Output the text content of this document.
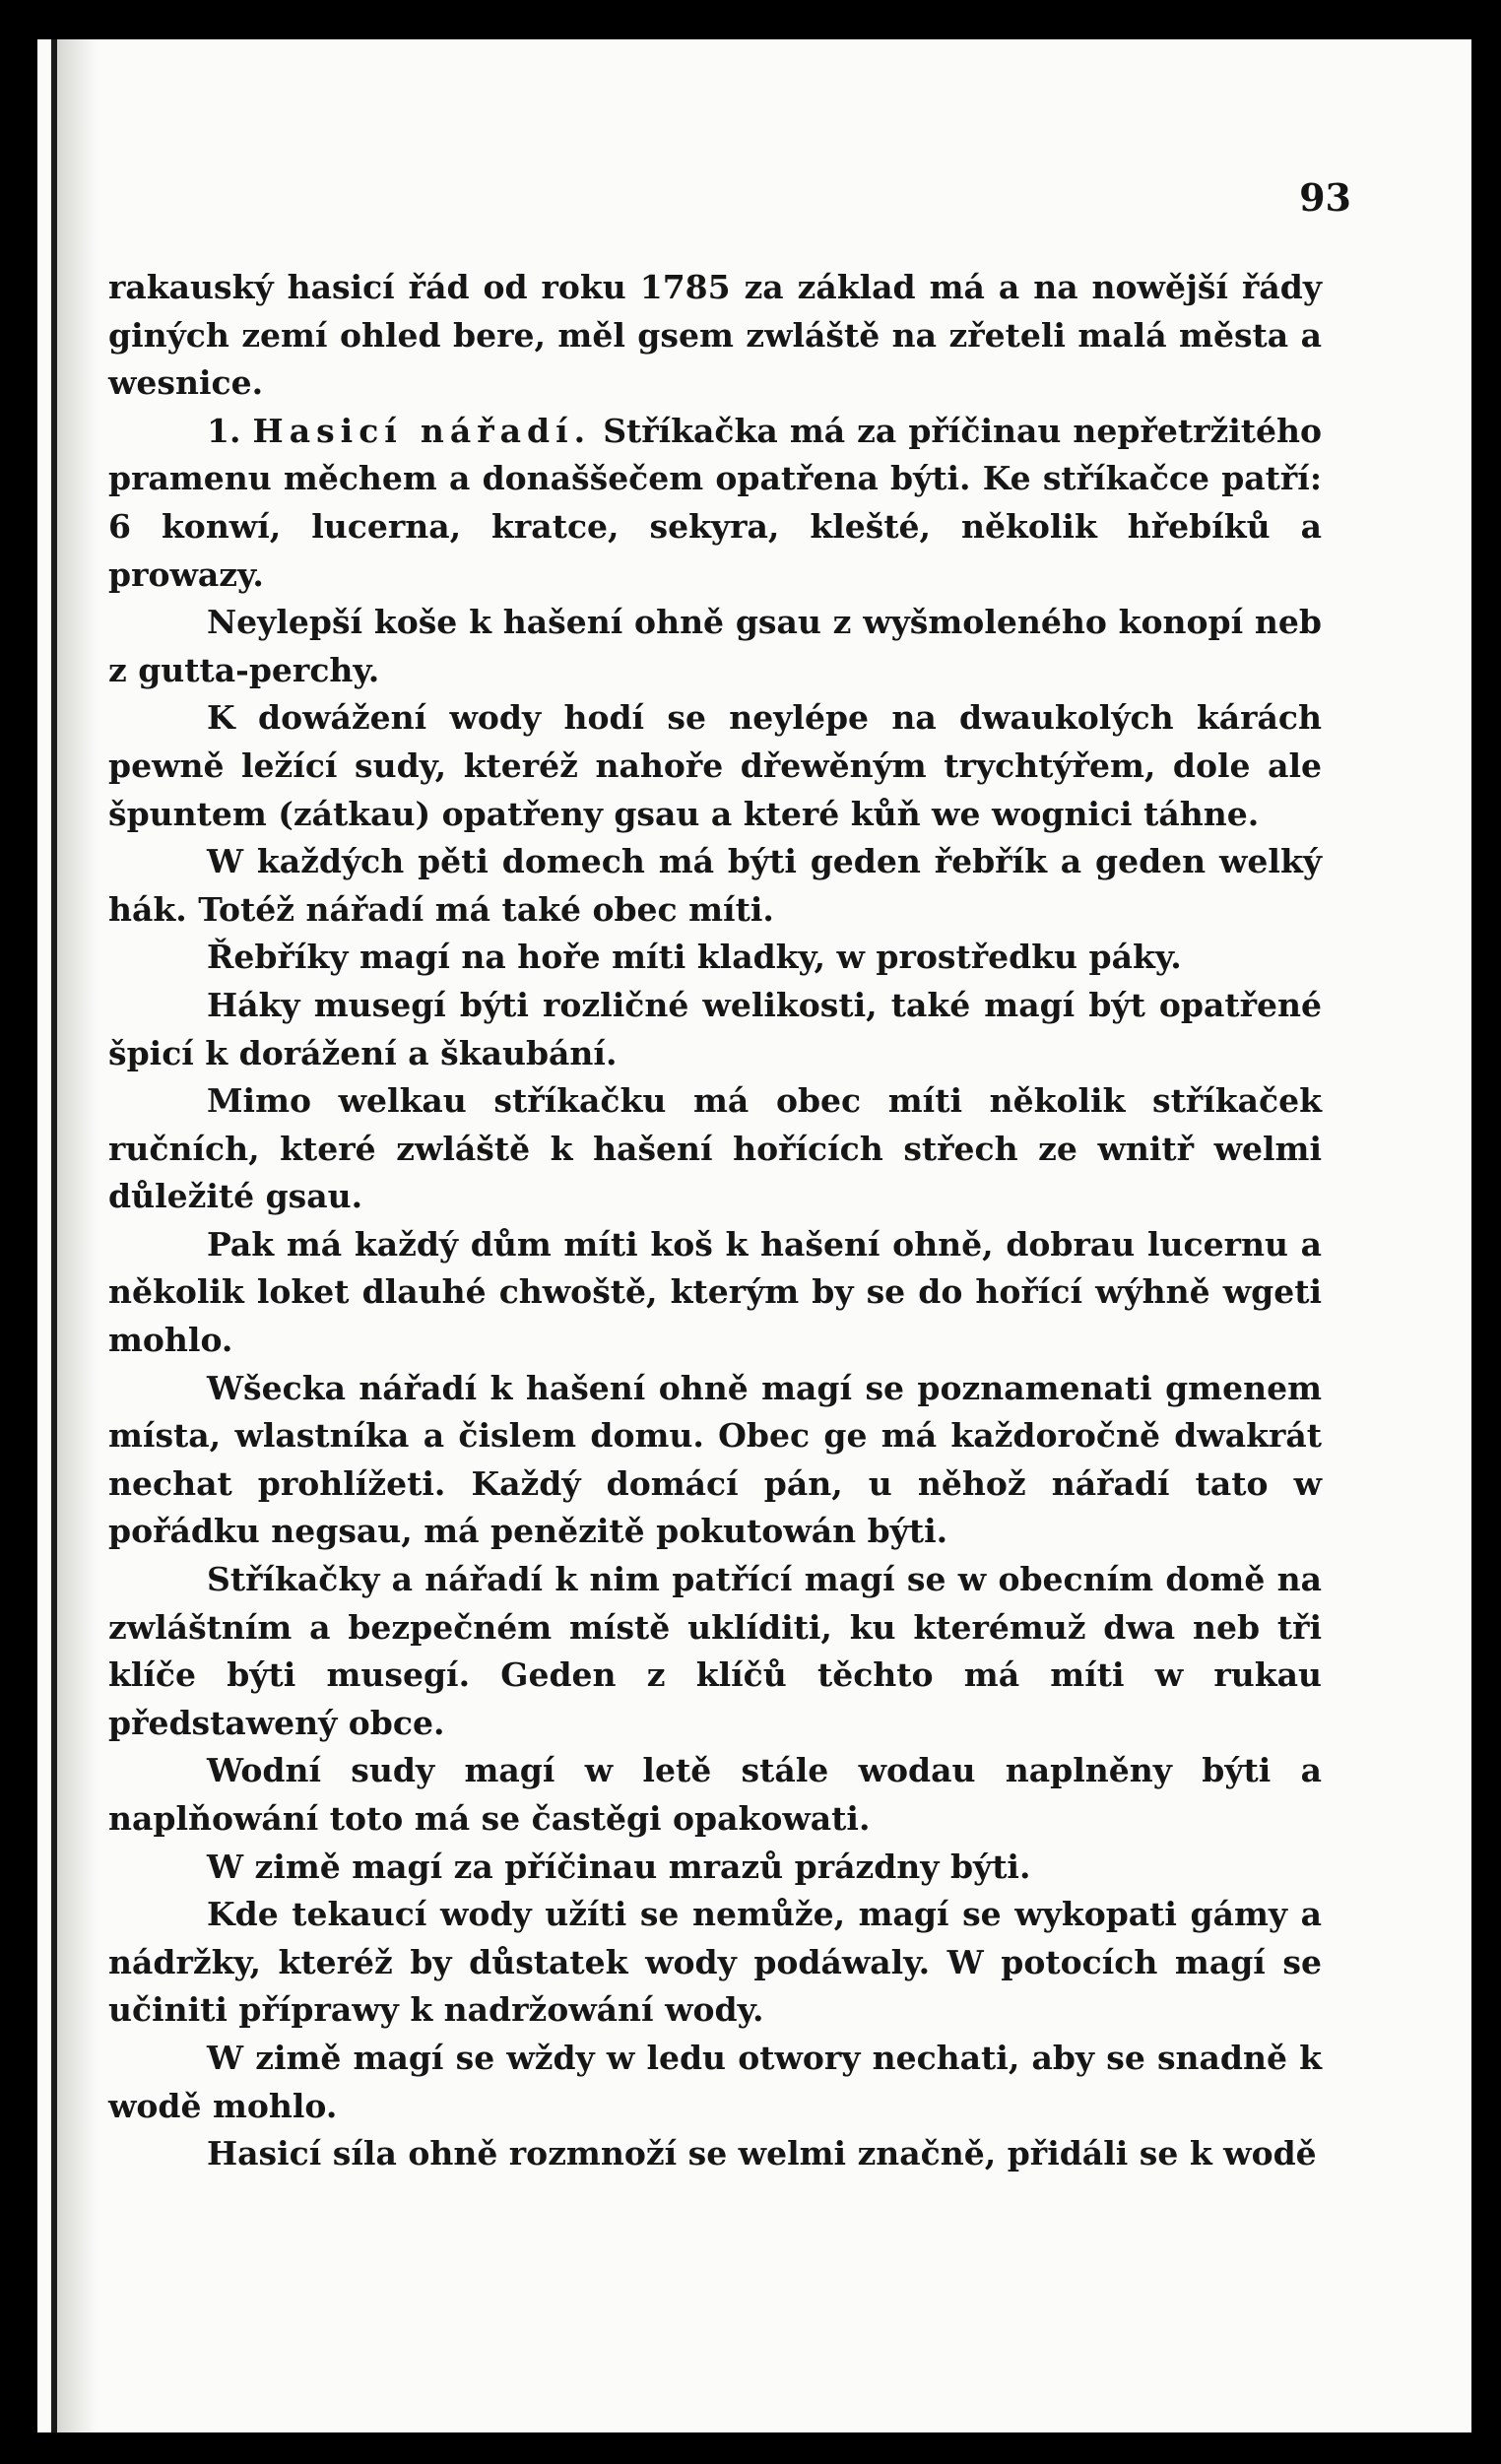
93

rakauský hasicí řád od roku 1785 za základ má a na nowější řády giných zemí ohled bere, měl gsem zwláště na zřeteli malá města a wesnice.

1. Hasicí nářadí. Stříkačka má za příčinau nepřetržitého pramenu měchem a donaššečem opatřena býti. Ke stříkačce patří: 6 konwí, lucerna, kratce, sekyra, klešté, několik hřebíků a prowazy.

Neylepší koše k hašení ohně gsau z wyšmoleného konopí neb z gutta-perchy.

K dowážení wody hodí se neylépe na dwaukolých kárách pewně ležící sudy, kteréž nahoře dřewěným trychtýřem, dole ale špuntem (zátkau) opatřeny gsau a které kůň we wognici táhne.

W každých pěti domech má býti geden řebřík a geden welký hák. Totéž nářadí má také obec míti.

Řebříky magí na hoře míti kladky, w prostředku páky.

Háky musegí býti rozličné welikosti, také magí být opatřené špicí k dorážení a škaubání.

Mimo welkau stříkačku má obec míti několik stříkaček ručních, které zwláště k hašení hořících střech ze wnitř welmi důležité gsau.

Pak má každý dům míti koš k hašení ohně, dobrau lucernu a několik loket dlauhé chwoště, kterým by se do hořící wýhně wgeti mohlo.

Wšecka nářadí k hašení ohně magí se poznamenati gmenem místa, wlastníka a čislem domu. Obec ge má každoročně dwakrát nechat prohlížeti. Každý domácí pán, u něhož nářadí tato w pořádku negsau, má penězitě pokutowán býti.

Stříkačky a nářadí k nim patřící magí se w obecním domě na zwláštním a bezpečném místě uklíditi, ku kterémuž dwa neb tři klíče býti musegí. Geden z klíčů těchto má míti w rukau předstawený obce.

Wodní sudy magí w letě stále wodau naplněny býti a naplňowání toto má se častěgi opakowati.

W zimě magí za příčinau mrazů prázdny býti.

Kde tekaucí wody užíti se nemůže, magí se wykopati gámy a nádržky, kteréž by důstatek wody podáwaly. W potocích magí se učiniti příprawy k nadržowání wody.

W zimě magí se wždy w ledu otwory nechati, aby se snadně k wodě mohlo.

Hasicí síla ohně rozmnoží se welmi značně, přidáli se k wodě
